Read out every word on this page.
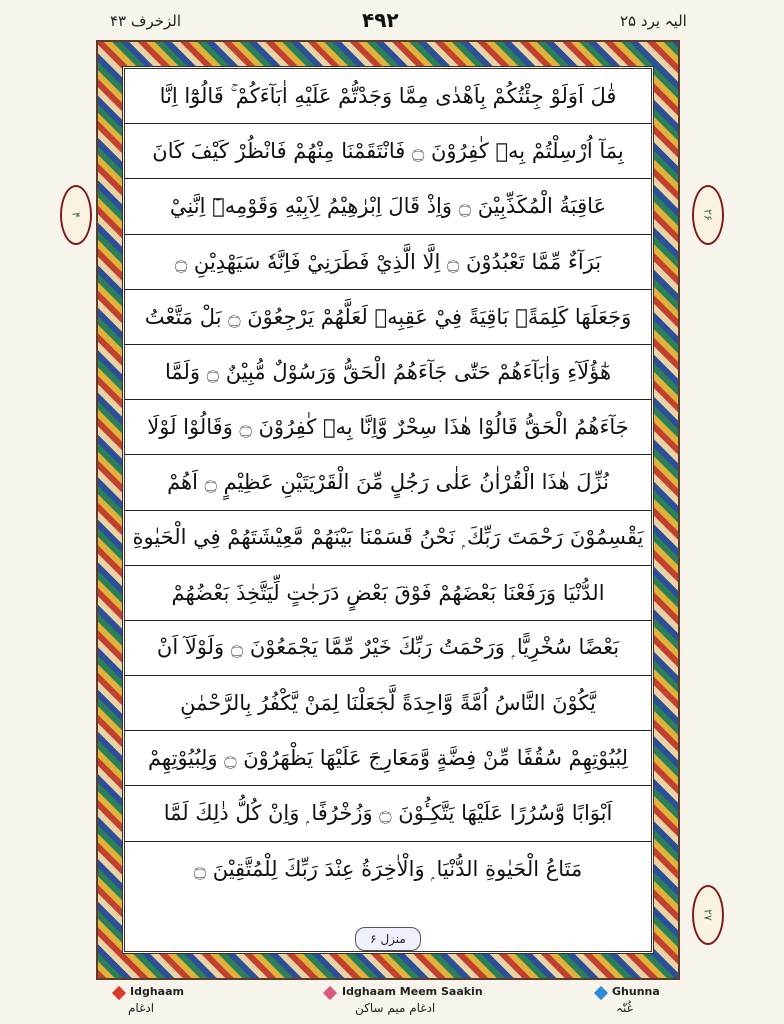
الزخرف ۴۳	۴۹۲	الیہ یرد ۲۵
۴	۲۶
۲۷
قٰلَ اَوَلَوْ جِئْتُكُمْ بِاَهْدٰى مِمَّا وَجَدْتُّمْ عَلَيْهِ اٰبَآءَكُمْ ۚ قَالُوْٓا اِنَّا
بِمَآ اُرْسِلْتُمْ بِهٖ كٰفِرُوْنَ ۝ فَانْتَقَمْنَا مِنْهُمْ فَانْظُرْ كَيْفَ كَانَ
عَاقِبَةُ الْمُكَذِّبِيْنَ ۝ وَاِذْ قَالَ اِبْرٰهِيْمُ لِاَبِيْهِ وَقَوْمِهٖٓ اِنَّنِيْ
بَرَآءٌ مِّمَّا تَعْبُدُوْنَ ۝ اِلَّا الَّذِيْ فَطَرَنِيْ فَاِنَّهٗ سَيَهْدِيْنِ ۝
وَجَعَلَهَا كَلِمَةًۢ بَاقِيَةً فِيْ عَقِبِهٖ لَعَلَّهُمْ يَرْجِعُوْنَ ۝ بَلْ مَتَّعْتُ
هٰٓؤُلَآءِ وَاٰبَآءَهُمْ حَتّٰى جَآءَهُمُ الْحَقُّ وَرَسُوْلٌ مُّبِيْنٌ ۝ وَلَمَّا
جَآءَهُمُ الْحَقُّ قَالُوْا هٰذَا سِحْرٌ وَّاِنَّا بِهٖ كٰفِرُوْنَ ۝ وَقَالُوْا لَوْلَا
نُزِّلَ هٰذَا الْقُرْاٰنُ عَلٰى رَجُلٍ مِّنَ الْقَرْيَتَيْنِ عَظِيْمٍ ۝ اَهُمْ
يَقْسِمُوْنَ رَحْمَتَ رَبِّكَ ۭ نَحْنُ قَسَمْنَا بَيْنَهُمْ مَّعِيْشَتَهُمْ فِي الْحَيٰوةِ
الدُّنْيَا وَرَفَعْنَا بَعْضَهُمْ فَوْقَ بَعْضٍ دَرَجٰتٍ لِّيَتَّخِذَ بَعْضُهُمْ
بَعْضًا سُخْرِيًّا ۭ وَرَحْمَتُ رَبِّكَ خَيْرٌ مِّمَّا يَجْمَعُوْنَ ۝ وَلَوْلَآ اَنْ
يَّكُوْنَ النَّاسُ اُمَّةً وَّاحِدَةً لَّجَعَلْنَا لِمَنْ يَّكْفُرُ بِالرَّحْمٰنِ
لِبُيُوْتِهِمْ سُقُفًا مِّنْ فِضَّةٍ وَّمَعَارِجَ عَلَيْهَا يَظْهَرُوْنَ ۝ وَلِبُيُوْتِهِمْ
اَبْوَابًا وَّسُرُرًا عَلَيْهَا يَتَّكِـُٔوْنَ ۝ وَزُخْرُفًا ۭ وَاِنْ كُلُّ ذٰلِكَ لَمَّا
مَتَاعُ الْحَيٰوةِ الدُّنْيَا ۭ وَالْاٰخِرَةُ عِنْدَ رَبِّكَ لِلْمُتَّقِيْنَ ۝
منزل ۶
Idghaam
ادغام
Idghaam Meem Saakin
ادغام میم ساکن
Ghunna
غُنّہ
